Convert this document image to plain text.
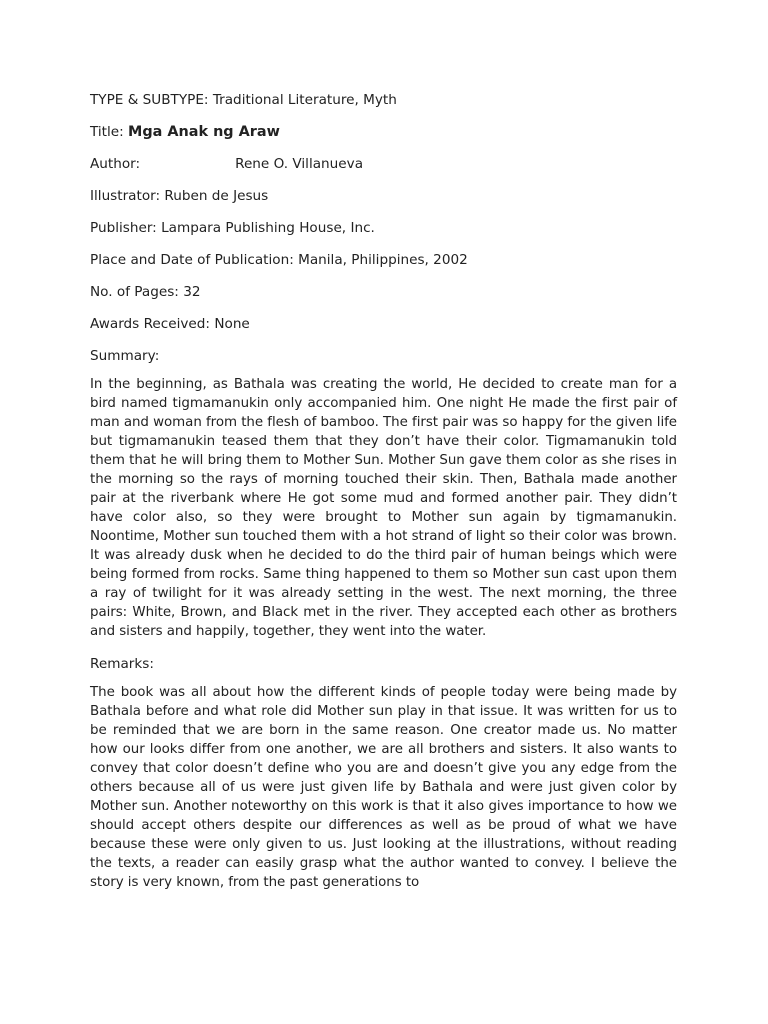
TYPE & SUBTYPE: Traditional Literature, Myth

Title: Mga Anak ng Araw

Author:	Rene O. Villanueva

Illustrator: Ruben de Jesus

Publisher: Lampara Publishing House, Inc.

Place and Date of Publication: Manila, Philippines, 2002

No. of Pages: 32

Awards Received: None

Summary:

In the beginning, as Bathala was creating the world, He decided to create man for a bird named tigmamanukin only accompanied him. One night He made the first pair of man and woman from the flesh of bamboo. The first pair was so happy for the given life but tigmamanukin teased them that they don’t have their color. Tigmamanukin told them that he will bring them to Mother Sun. Mother Sun gave them color as she rises in the morning so the rays of morning touched their skin. Then, Bathala made another pair at the riverbank where He got some mud and formed another pair. They didn’t have color also, so they were brought to Mother sun again by tigmamanukin. Noontime, Mother sun touched them with a hot strand of light so their color was brown. It was already dusk when he decided to do the third pair of human beings which were being formed from rocks. Same thing happened to them so Mother sun cast upon them a ray of twilight for it was already setting in the west. The next morning, the three pairs: White, Brown, and Black met in the river. They accepted each other as brothers and sisters and happily, together, they went into the water.

Remarks:

The book was all about how the different kinds of people today were being made by Bathala before and what role did Mother sun play in that issue. It was written for us to be reminded that we are born in the same reason. One creator made us. No matter how our looks differ from one another, we are all brothers and sisters. It also wants to convey that color doesn’t define who you are and doesn’t give you any edge from the others because all of us were just given life by Bathala and were just given color by Mother sun. Another noteworthy on this work is that it also gives importance to how we should accept others despite our differences as well as be proud of what we have because these were only given to us. Just looking at the illustrations, without reading the texts, a reader can easily grasp what the author wanted to convey. I believe the story is very known, from the past generations to
